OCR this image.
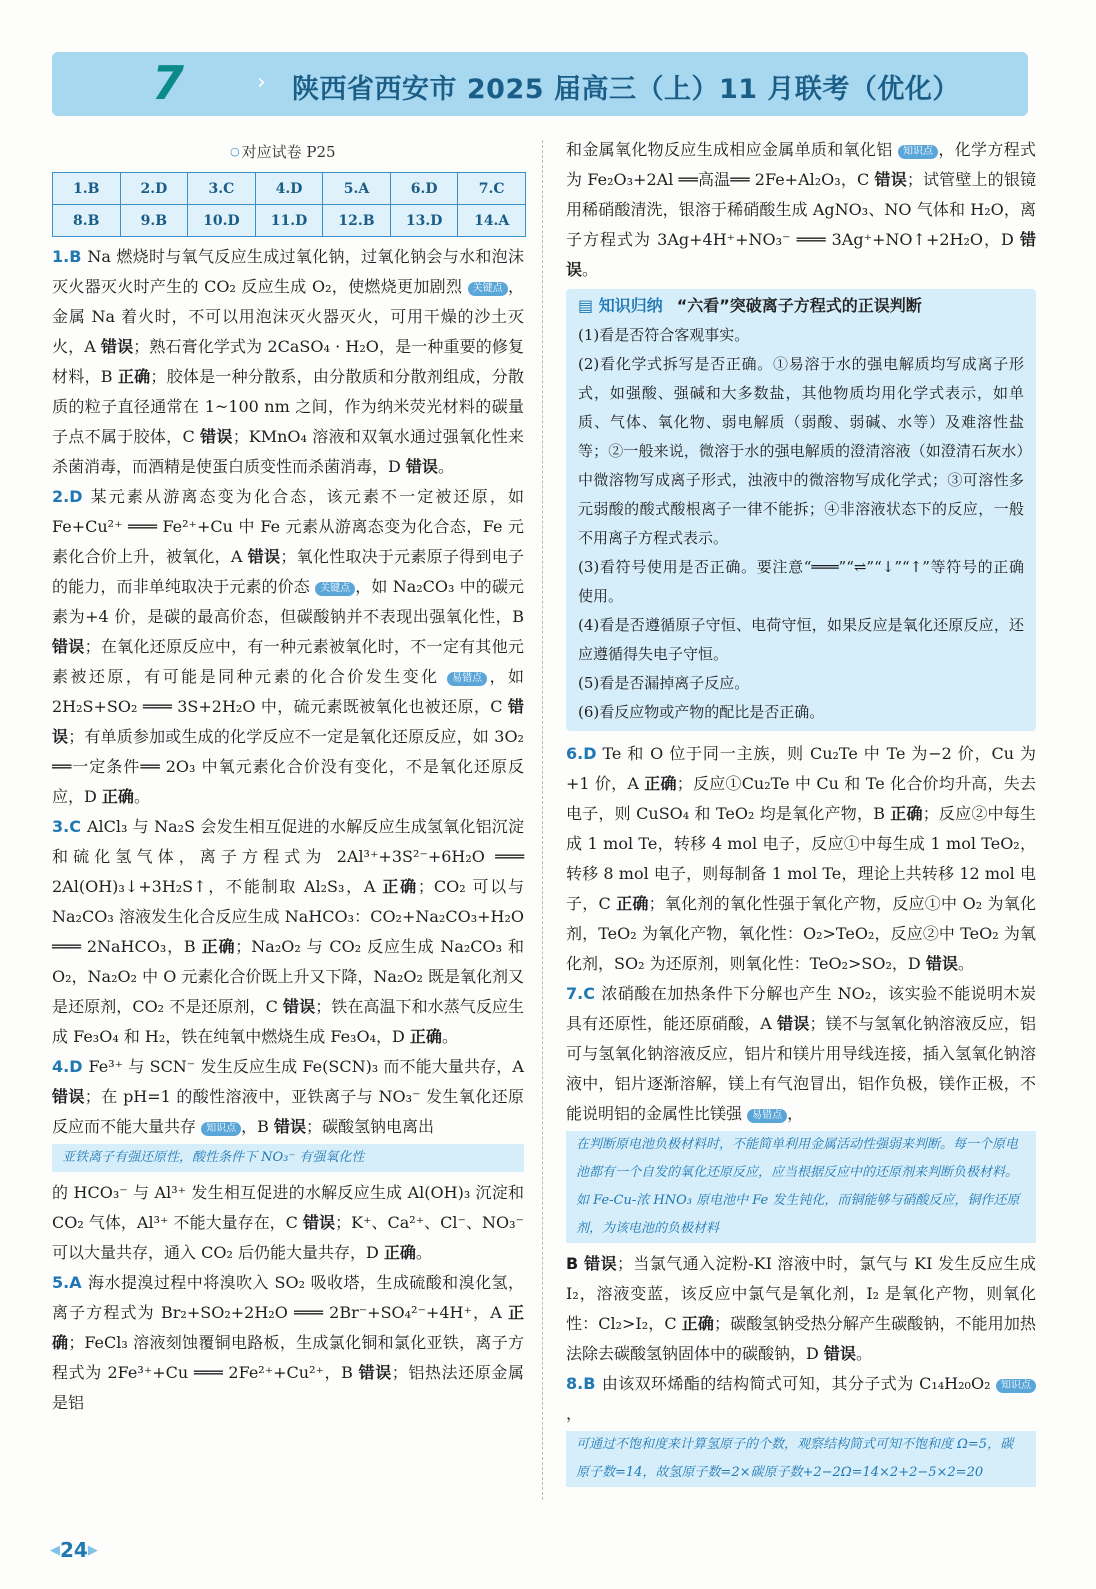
7	› 陕西省西安市 2025 届高三（上）11 月联考（优化）
○ 对应试卷 P25
1.B	2.D	3.C	4.D	5.A	6.D	7.C
8.B	9.B	10.D	11.D	12.B	13.D	14.A

1.B Na 燃烧时与氧气反应生成过氧化钠，过氧化钠会与水和泡沫灭火器灭火时产生的 CO₂ 反应生成 O₂，使燃烧更加剧烈 关键点 ，金属 Na 着火时，不可以用泡沫灭火器灭火，可用干燥的沙土灭火，A 错误；熟石膏化学式为 2CaSO₄ · H₂O，是一种重要的修复材料，B 正确；胶体是一种分散系，由分散质和分散剂组成，分散质的粒子直径通常在 1~100 nm 之间，作为纳米荧光材料的碳量子点不属于胶体，C 错误；KMnO₄ 溶液和双氧水通过强氧化性来杀菌消毒，而酒精是使蛋白质变性而杀菌消毒，D 错误。

2.D 某元素从游离态变为化合态，该元素不一定被还原，如 Fe+Cu²⁺ ═══ Fe²⁺+Cu 中 Fe 元素从游离态变为化合态，Fe 元素化合价上升，被氧化，A 错误；氧化性取决于元素原子得到电子的能力，而非单纯取决于元素的价态 关键点 ，如 Na₂CO₃ 中的碳元素为+4 价，是碳的最高价态，但碳酸钠并不表现出强氧化性，B 错误；在氧化还原反应中，有一种元素被氧化时，不一定有其他元素被还原，有可能是同种元素的化合价发生变化 易错点 ，如 2H₂S+SO₂ ═══ 3S+2H₂O 中，硫元素既被氧化也被还原，C 错误；有单质参加或生成的化学反应不一定是氧化还原反应，如 3O₂ ══一定条件══ 2O₃ 中氧元素化合价没有变化，不是氧化还原反应，D 正确。

3.C AlCl₃ 与 Na₂S 会发生相互促进的水解反应生成氢氧化铝沉淀和硫化氢气体，离子方程式为 2Al³⁺+3S²⁻+6H₂O ═══ 2Al(OH)₃↓+3H₂S↑，不能制取 Al₂S₃，A 正确；CO₂ 可以与 Na₂CO₃ 溶液发生化合反应生成 NaHCO₃：CO₂+Na₂CO₃+H₂O ═══ 2NaHCO₃，B 正确；Na₂O₂ 与 CO₂ 反应生成 Na₂CO₃ 和 O₂，Na₂O₂ 中 O 元素化合价既上升又下降，Na₂O₂ 既是氧化剂又是还原剂，CO₂ 不是还原剂，C 错误；铁在高温下和水蒸气反应生成 Fe₃O₄ 和 H₂，铁在纯氧中燃烧生成 Fe₃O₄，D 正确。

4.D Fe³⁺ 与 SCN⁻ 发生反应生成 Fe(SCN)₃ 而不能大量共存，A 错误；在 pH=1 的酸性溶液中，亚铁离子与 NO₃⁻ 发生氧化还原反应而不能大量共存 知识点 ，B 错误；碳酸氢钠电离出

亚铁离子有强还原性，酸性条件下 NO₃⁻ 有强氧化性

的 HCO₃⁻ 与 Al³⁺ 发生相互促进的水解反应生成 Al(OH)₃ 沉淀和 CO₂ 气体，Al³⁺ 不能大量存在，C 错误；K⁺、Ca²⁺、Cl⁻、NO₃⁻ 可以大量共存，通入 CO₂ 后仍能大量共存，D 正确。

5.A 海水提溴过程中将溴吹入 SO₂ 吸收塔，生成硫酸和溴化氢，离子方程式为 Br₂+SO₂+2H₂O ═══ 2Br⁻+SO₄²⁻+4H⁺，A 正确；FeCl₃ 溶液刻蚀覆铜电路板，生成氯化铜和氯化亚铁，离子方程式为 2Fe³⁺+Cu ═══ 2Fe²⁺+Cu²⁺，B 错误；铝热法还原金属是铝

和金属氧化物反应生成相应金属单质和氧化铝 知识点 ，化学方程式为 Fe₂O₃+2Al ══高温══ 2Fe+Al₂O₃，C 错误；试管壁上的银镜用稀硝酸清洗，银溶于稀硝酸生成 AgNO₃、NO 气体和 H₂O，离子方程式为 3Ag+4H⁺+NO₃⁻ ═══ 3Ag⁺+NO↑+2H₂O，D 错误。

▤ 知识归纳 “六看”突破离子方程式的正误判断

(1)看是否符合客观事实。

(2)看化学式拆写是否正确。①易溶于水的强电解质均写成离子形式，如强酸、强碱和大多数盐，其他物质均用化学式表示，如单质、气体、氧化物、弱电解质（弱酸、弱碱、水等）及难溶性盐等；②一般来说，微溶于水的强电解质的澄清溶液（如澄清石灰水）中微溶物写成离子形式，浊液中的微溶物写成化学式；③可溶性多元弱酸的酸式酸根离子一律不能拆；④非溶液状态下的反应，一般不用离子方程式表示。

(3)看符号使用是否正确。要注意“═══”“⇌”“↓”“↑”等符号的正确使用。

(4)看是否遵循原子守恒、电荷守恒，如果反应是氧化还原反应，还应遵循得失电子守恒。

(5)看是否漏掉离子反应。

(6)看反应物或产物的配比是否正确。

6.D Te 和 O 位于同一主族，则 Cu₂Te 中 Te 为−2 价，Cu 为+1 价，A 正确；反应①Cu₂Te 中 Cu 和 Te 化合价均升高，失去电子，则 CuSO₄ 和 TeO₂ 均是氧化产物，B 正确；反应②中每生成 1 mol Te，转移 4 mol 电子，反应①中每生成 1 mol TeO₂，转移 8 mol 电子，则每制备 1 mol Te，理论上共转移 12 mol 电子，C 正确；氧化剂的氧化性强于氧化产物，反应①中 O₂ 为氧化剂，TeO₂ 为氧化产物，氧化性：O₂>TeO₂，反应②中 TeO₂ 为氧化剂，SO₂ 为还原剂，则氧化性：TeO₂>SO₂，D 错误。

7.C 浓硝酸在加热条件下分解也产生 NO₂，该实验不能说明木炭具有还原性，能还原硝酸，A 错误；镁不与氢氧化钠溶液反应，铝可与氢氧化钠溶液反应，铝片和镁片用导线连接，插入氢氧化钠溶液中，铝片逐渐溶解，镁上有气泡冒出，铝作负极，镁作正极，不能说明铝的金属性比镁强 易错点 ，

在判断原电池负极材料时，不能简单利用金属活动性强弱来判断。每一个原电池都有一个自发的氧化还原反应，应当根据反应中的还原剂来判断负极材料。如 Fe-Cu-浓 HNO₃ 原电池中 Fe 发生钝化，而铜能够与硝酸反应，铜作还原剂，为该电池的负极材料

B 错误；当氯气通入淀粉-KI 溶液中时，氯气与 KI 发生反应生成 I₂，溶液变蓝，该反应中氯气是氧化剂，I₂ 是氧化产物，则氧化性：Cl₂>I₂，C 正确；碳酸氢钠受热分解产生碳酸钠，不能用加热法除去碳酸氢钠固体中的碳酸钠，D 错误。

8.B 由该双环烯酯的结构简式可知，其分子式为 C₁₄H₂₀O₂ 知识点，

可通过不饱和度来计算氢原子的个数，观察结构简式可知不饱和度 Ω=5，碳原子数=14，故氢原子数=2×碳原子数+2−2Ω=14×2+2−5×2=20
◀24▶
